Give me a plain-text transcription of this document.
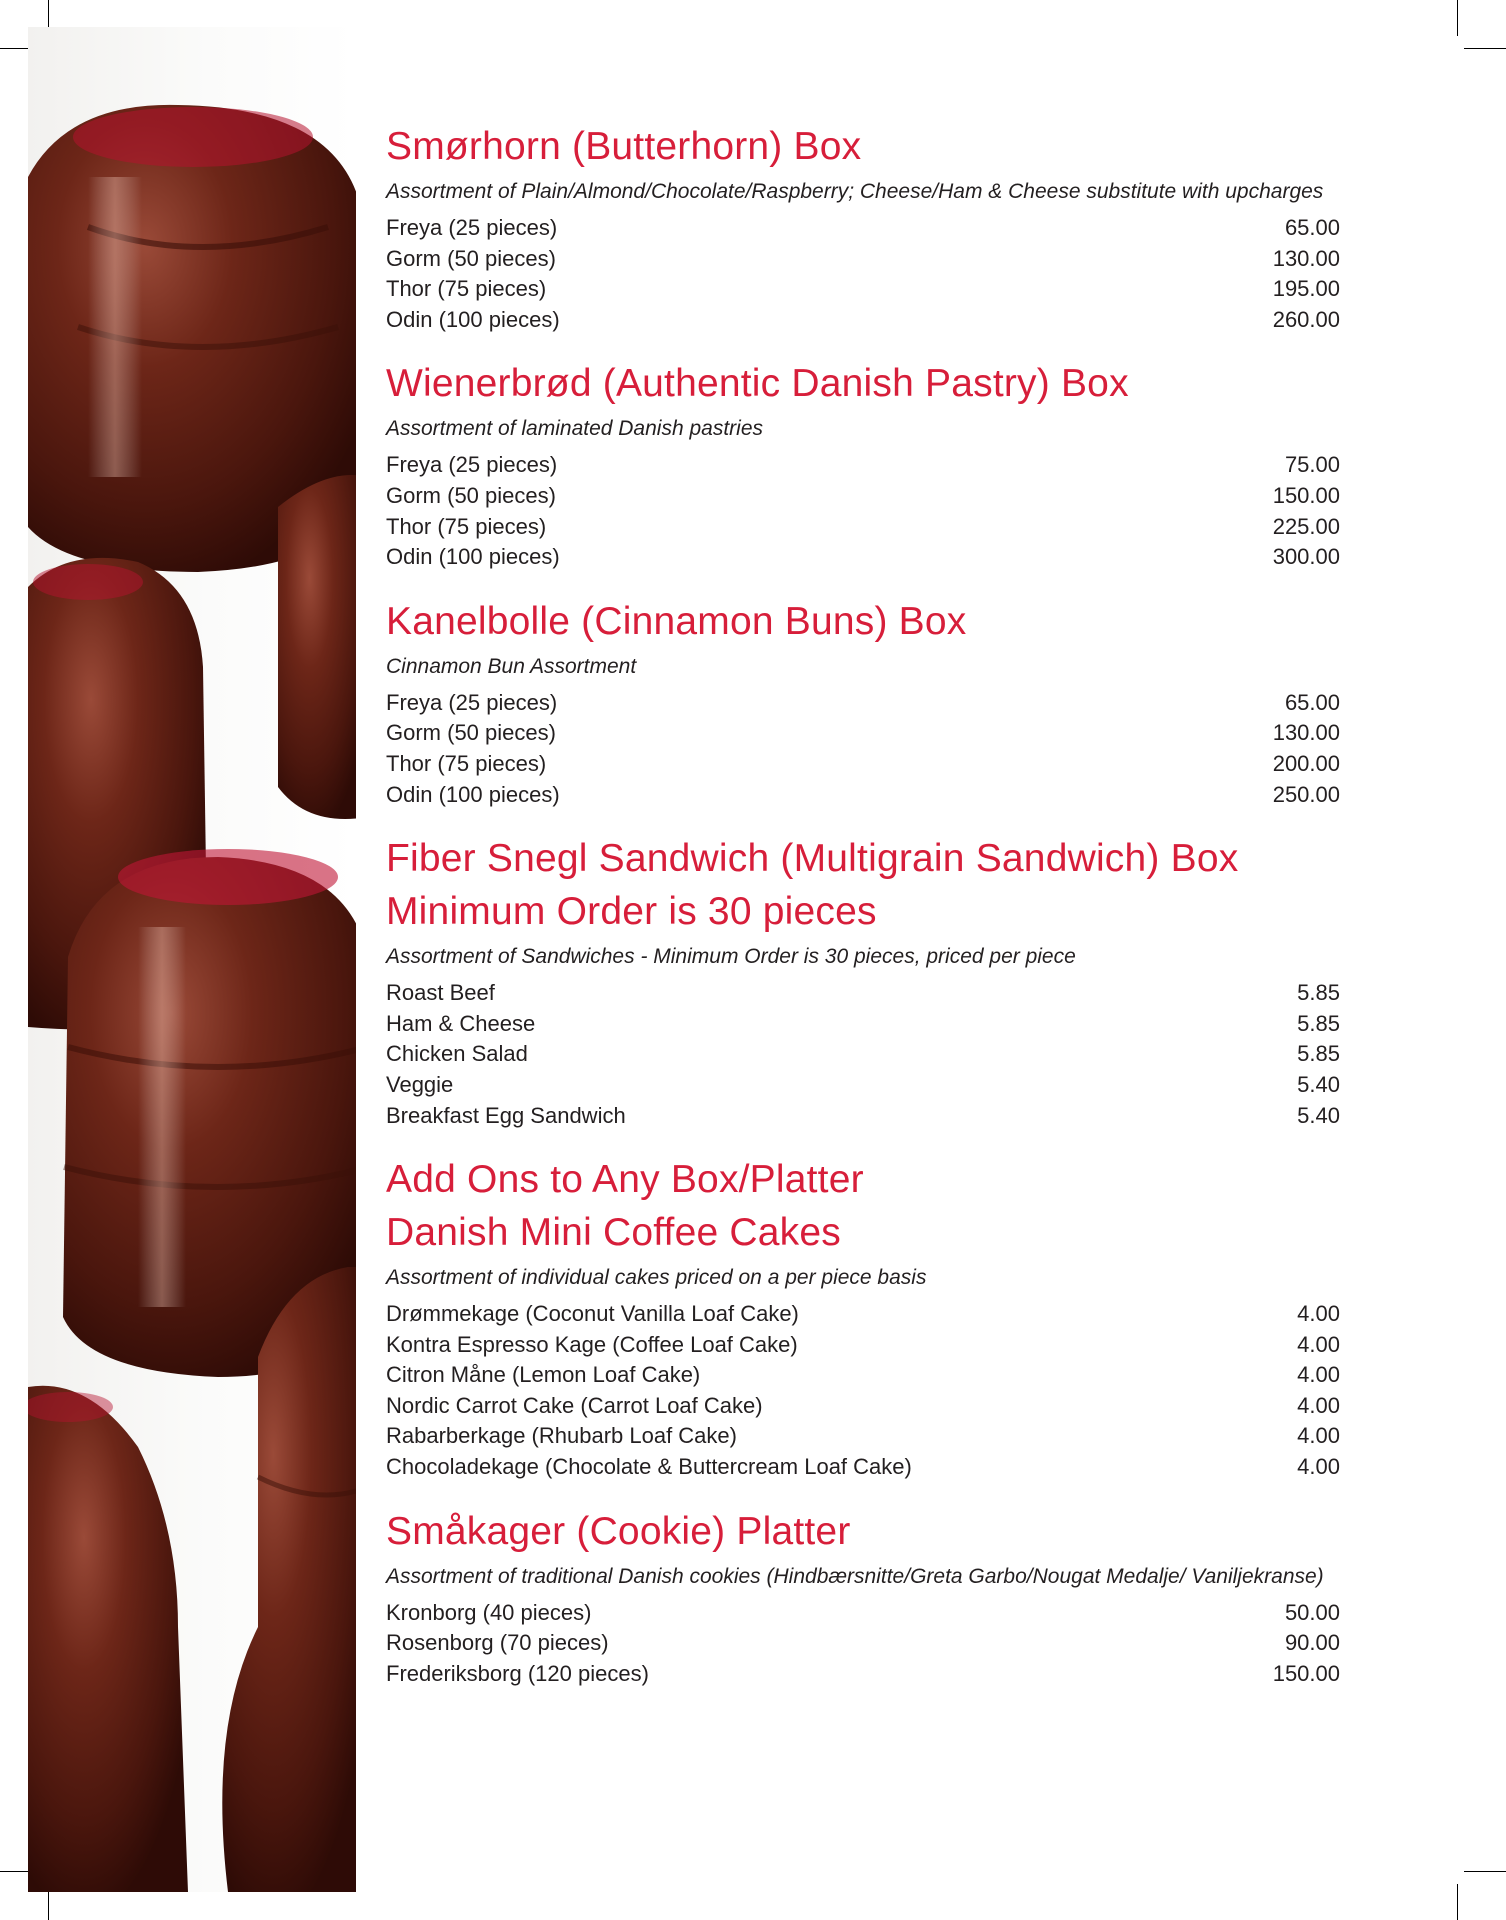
Smørhorn (Butterhorn) Box

Assortment of Plain/Almond/Chocolate/Raspberry; Cheese/Ham & Cheese substitute with upcharges

Freya (25 pieces)	65.00
Gorm (50 pieces)	130.00
Thor (75 pieces)	195.00
Odin (100 pieces)	260.00
Wienerbrød (Authentic Danish Pastry) Box

Assortment of laminated Danish pastries

Freya (25 pieces)	75.00
Gorm (50 pieces)	150.00
Thor (75 pieces)	225.00
Odin (100 pieces)	300.00
Kanelbolle (Cinnamon Buns) Box

Cinnamon Bun Assortment

Freya (25 pieces)	65.00
Gorm (50 pieces)	130.00
Thor (75 pieces)	200.00
Odin (100 pieces)	250.00
Fiber Snegl Sandwich (Multigrain Sandwich) Box
Minimum Order is 30 pieces

Assortment of Sandwiches - Minimum Order is 30 pieces, priced per piece

Roast Beef	5.85
Ham & Cheese	5.85
Chicken Salad	5.85
Veggie	5.40
Breakfast Egg Sandwich	5.40
Add Ons to Any Box/Platter
Danish Mini Coffee Cakes

Assortment of individual cakes priced on a per piece basis

Drømmekage (Coconut Vanilla Loaf Cake)	4.00
Kontra Espresso Kage (Coffee Loaf Cake)	4.00
Citron Måne (Lemon Loaf Cake)	4.00
Nordic Carrot Cake (Carrot Loaf Cake)	4.00
Rabarberkage (Rhubarb Loaf Cake)	4.00
Chocoladekage (Chocolate & Buttercream Loaf Cake)	4.00
Småkager (Cookie) Platter

Assortment of traditional Danish cookies (Hindbærsnitte/Greta Garbo/Nougat Medalje/ Vaniljekranse)

Kronborg (40 pieces)	50.00
Rosenborg (70 pieces)	90.00
Frederiksborg (120 pieces)	150.00
